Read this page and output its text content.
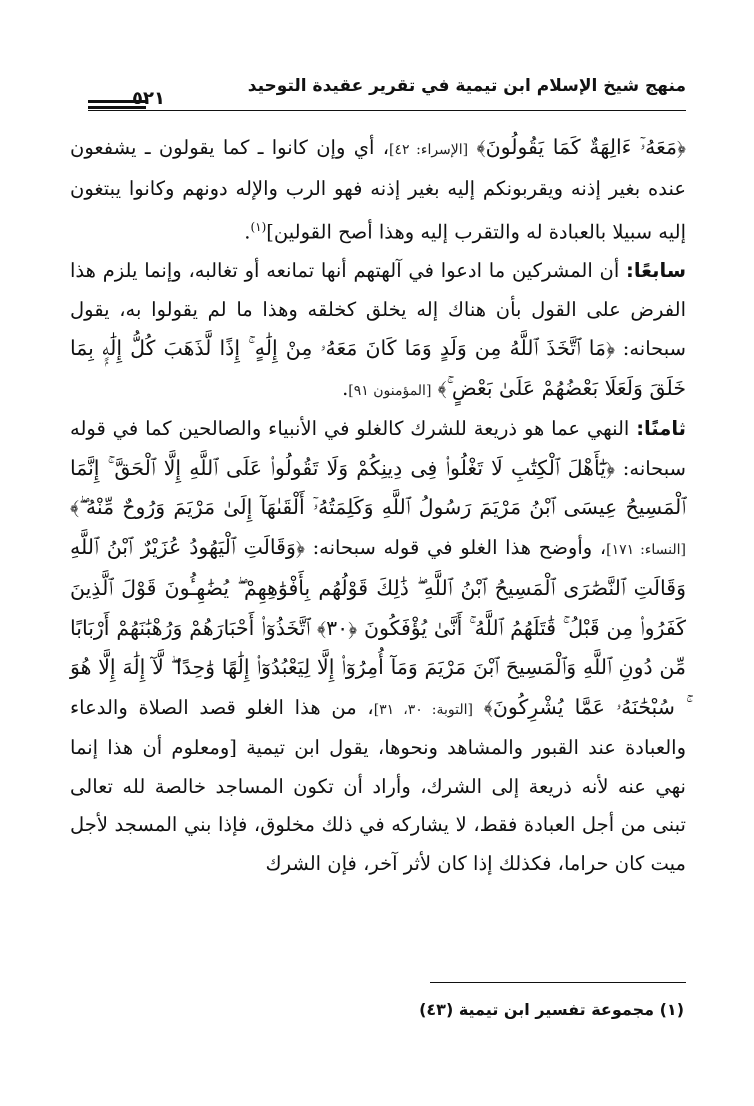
منهج شيخ الإسلام ابن تيمية في تقرير عقيدة التوحيد
٥٢١

﴿مَعَهُۥٓ ءَالِهَةٌ كَمَا يَقُولُونَ﴾ [الإسراء: ٤٢]، أي وإن كانوا ـ كما يقولون ـ يشفعون عنده بغير إذنه ويقربونكم إليه بغير إذنه فهو الرب والإله دونهم وكانوا يبتغون إليه سبيلا بالعبادة له والتقرب إليه وهذا أصح القولين]$^{(١)}$.

سابعًا: أن المشركين ما ادعوا في آلهتهم أنها تمانعه أو تغالبه، وإنما يلزم هذا الفرض على القول بأن هناك إله يخلق كخلقه وهذا ما لم يقولوا به، يقول سبحانه: ﴿مَا ٱتَّخَذَ ٱللَّهُ مِن وَلَدٍ وَمَا كَانَ مَعَهُۥ مِنْ إِلَٰهٍ ۚ إِذًا لَّذَهَبَ كُلُّ إِلَٰهٍۭ بِمَا خَلَقَ وَلَعَلَا بَعْضُهُمْ عَلَىٰ بَعْضٍ ۚ﴾ [المؤمنون ٩١].

ثامنًا: النهي عما هو ذريعة للشرك كالغلو في الأنبياء والصالحين كما في قوله سبحانه: ﴿يَٰٓأَهْلَ ٱلْكِتَٰبِ لَا تَغْلُوا۟ فِى دِينِكُمْ وَلَا تَقُولُوا۟ عَلَى ٱللَّهِ إِلَّا ٱلْحَقَّ ۚ إِنَّمَا ٱلْمَسِيحُ عِيسَى ٱبْنُ مَرْيَمَ رَسُولُ ٱللَّهِ وَكَلِمَتُهُۥٓ أَلْقَىٰهَآ إِلَىٰ مَرْيَمَ وَرُوحٌ مِّنْهُ ۖ﴾ [النساء: ١٧١]، وأوضح هذا الغلو في قوله سبحانه: ﴿وَقَالَتِ ٱلْيَهُودُ عُزَيْرٌ ٱبْنُ ٱللَّهِ وَقَالَتِ ٱلنَّصَٰرَى ٱلْمَسِيحُ ٱبْنُ ٱللَّهِ ۖ ذَٰلِكَ قَوْلُهُم بِأَفْوَٰهِهِمْ ۖ يُضَٰهِـُٔونَ قَوْلَ ٱلَّذِينَ كَفَرُوا۟ مِن قَبْلُ ۚ قَٰتَلَهُمُ ٱللَّهُ ۚ أَنَّىٰ يُؤْفَكُونَ ﴿٣٠﴾ ٱتَّخَذُوٓا۟ أَحْبَارَهُمْ وَرُهْبَٰنَهُمْ أَرْبَابًا مِّن دُونِ ٱللَّهِ وَٱلْمَسِيحَ ٱبْنَ مَرْيَمَ وَمَآ أُمِرُوٓا۟ إِلَّا لِيَعْبُدُوٓا۟ إِلَٰهًا وَٰحِدًا ۖ لَّآ إِلَٰهَ إِلَّا هُوَ ۚ سُبْحَٰنَهُۥ عَمَّا يُشْرِكُونَ﴾ [التوبة: ٣٠، ٣١]، من هذا الغلو قصد الصلاة والدعاء والعبادة عند القبور والمشاهد ونحوها، يقول ابن تيمية [ومعلوم أن هذا إنما نهي عنه لأنه ذريعة إلى الشرك، وأراد أن تكون المساجد خالصة لله تعالى تبنى من أجل العبادة فقط، لا يشاركه في ذلك مخلوق، فإذا بني المسجد لأجل ميت كان حراما، فكذلك إذا كان لأثر آخر، فإن الشرك

(١) مجموعة تفسير ابن تيمية (٤٣)
